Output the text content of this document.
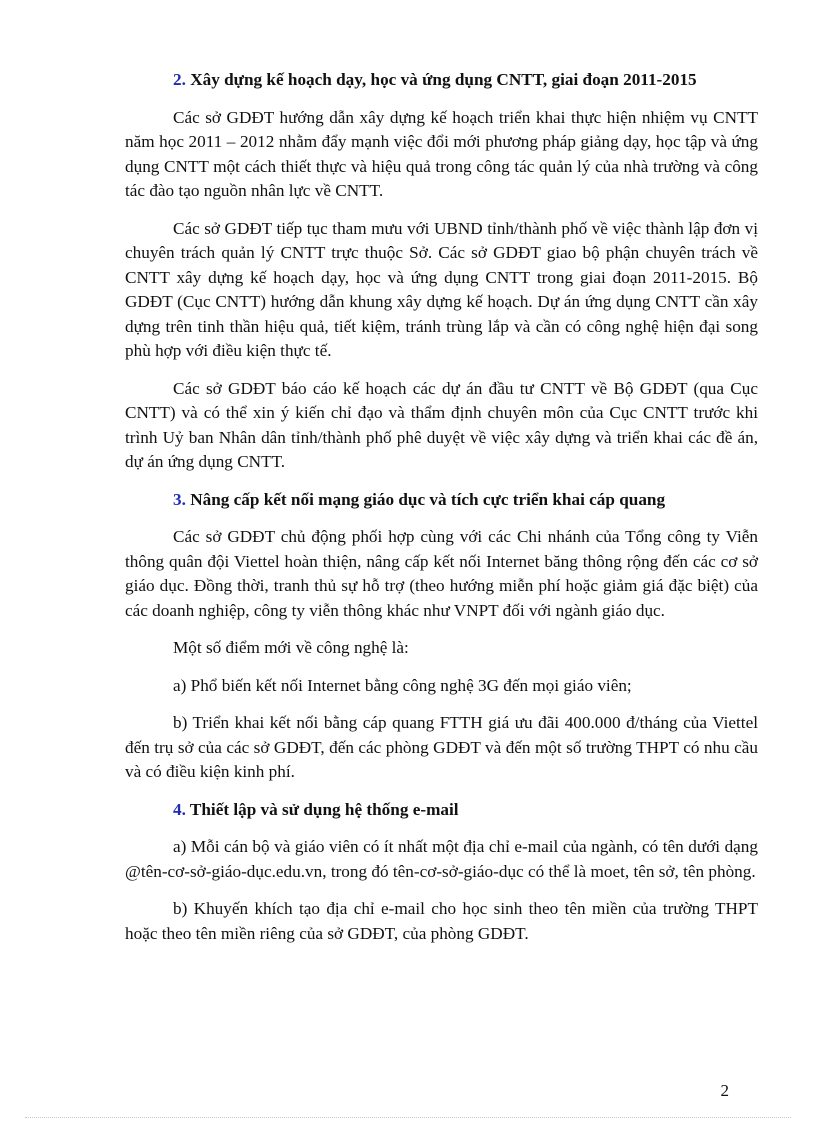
2. Xây dựng kế hoạch dạy, học và ứng dụng CNTT, giai đoạn 2011-2015

Các sở GDĐT hướng dẫn xây dựng kế hoạch triển khai thực hiện nhiệm vụ CNTT năm học 2011 – 2012 nhằm đẩy mạnh việc đổi mới phương pháp giảng dạy, học tập và ứng dụng CNTT một cách thiết thực và hiệu quả trong công tác quản lý của nhà trường và công tác đào tạo nguồn nhân lực về CNTT.

Các sở GDĐT tiếp tục tham mưu với UBND tỉnh/thành phố về việc thành lập đơn vị chuyên trách quản lý CNTT trực thuộc Sở. Các sở GDĐT giao bộ phận chuyên trách về CNTT xây dựng kế hoạch dạy, học và ứng dụng CNTT trong giai đoạn 2011-2015. Bộ GDĐT (Cục CNTT) hướng dẫn khung xây dựng kế hoạch. Dự án ứng dụng CNTT cần xây dựng trên tinh thần hiệu quả, tiết kiệm, tránh trùng lắp và cần có công nghệ hiện đại song phù hợp với điều kiện thực tế.

Các sở GDĐT báo cáo kế hoạch các dự án đầu tư CNTT về Bộ GDĐT (qua Cục CNTT) và có thể xin ý kiến chỉ đạo và thẩm định chuyên môn của Cục CNTT trước khi trình Uỷ ban Nhân dân tỉnh/thành phố phê duyệt về việc xây dựng và triển khai các đề án, dự án ứng dụng CNTT.

3. Nâng cấp kết nối mạng giáo dục và tích cực triển khai cáp quang

Các sở GDĐT chủ động phối hợp cùng với các Chi nhánh của Tổng công ty Viễn thông quân đội Viettel hoàn thiện, nâng cấp kết nối Internet băng thông rộng đến các cơ sở giáo dục. Đồng thời, tranh thủ sự hỗ trợ (theo hướng miễn phí hoặc giảm giá đặc biệt) của các doanh nghiệp, công ty viễn thông khác như VNPT đối với ngành giáo dục.

Một số điểm mới về công nghệ là:

a) Phổ biến kết nối Internet bằng công nghệ 3G đến mọi giáo viên;

b) Triển khai kết nối bằng cáp quang FTTH giá ưu đãi 400.000 đ/tháng của Viettel đến trụ sở của các sở GDĐT, đến các phòng GDĐT và đến một số trường THPT có nhu cầu và có điều kiện kinh phí.

4. Thiết lập và sử dụng hệ thống e-mail

a) Mỗi cán bộ và giáo viên có ít nhất một địa chỉ e-mail của ngành, có tên dưới dạng @tên-cơ-sở-giáo-dục.edu.vn, trong đó tên-cơ-sở-giáo-dục có thể là moet, tên sở, tên phòng.

b) Khuyến khích tạo địa chỉ e-mail cho học sinh theo tên miền của trường THPT hoặc theo tên miền riêng của sở GDĐT, của phòng GDĐT.

2
